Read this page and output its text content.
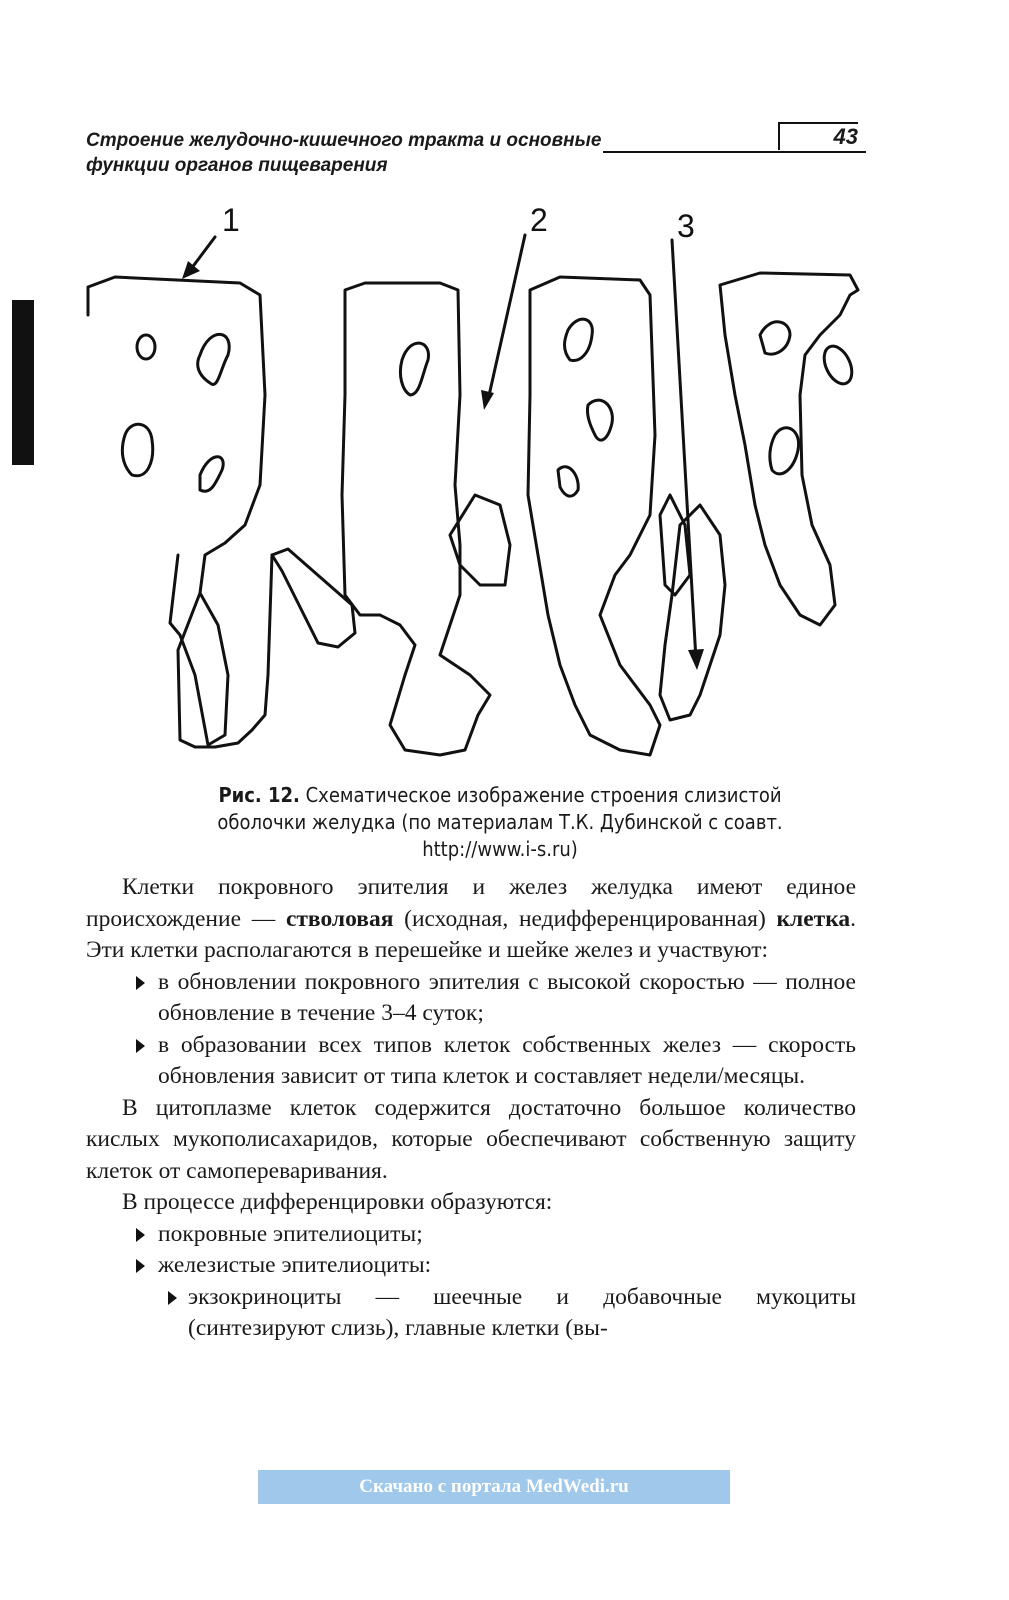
Строение желудочно-кишечного тракта и основные
функции органов пищеварения
43
1	2	3
Рис. 12. Схематическое изображение строения слизистой
оболочки желудка (по материалам Т.К. Дубинской с соавт.
http://www.i-s.ru)

Клетки покровного эпителия и желез желудка имеют единое происхождение — стволовая (исходная, недифференцированная) клетка. Эти клетки располагаются в перешейке и шейке желез и участвуют:

в обновлении покровного эпителия с высокой скоростью — полное обновление в течение 3–4 суток;

в образовании всех типов клеток собственных желез — скорость обновления зависит от типа клеток и составляет недели/месяцы.

В цитоплазме клеток содержится достаточно большое количество кислых мукополисахаридов, которые обеспечивают собственную защиту клеток от самопереваривания.

В процессе дифференцировки образуются:

покровные эпителиоциты;

железистые эпителиоциты:

экзокриноциты — шеечные и добавочные мукоциты (синтезируют слизь), главные клетки (вы-

Скачано с портала MedWedi.ru
